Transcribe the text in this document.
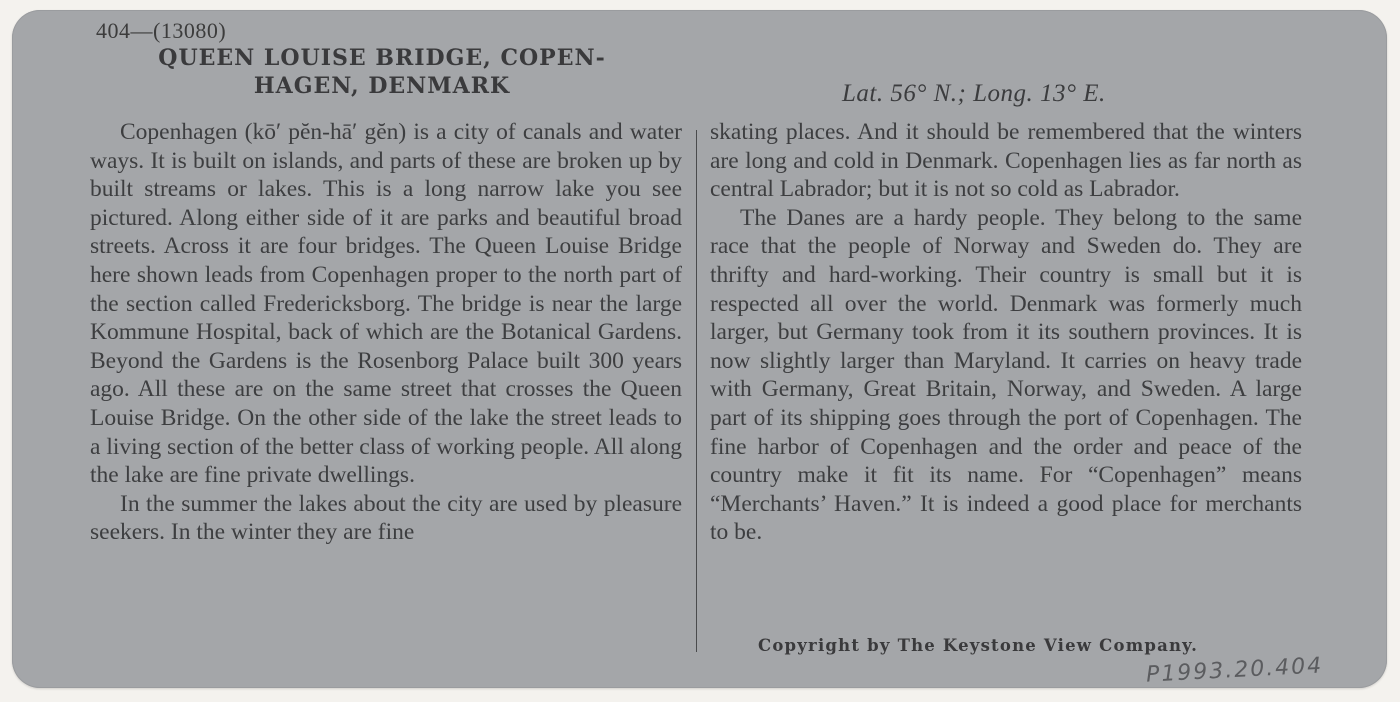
404—(13080)
QUEEN LOUISE BRIDGE, COPEN-
HAGEN, DENMARK	Lat. 56° N.; Long. 13° E.

Copenhagen (kō′ pĕn-hā′ gĕn) is a city of canals and water ways. It is built on islands, and parts of these are broken up by built streams or lakes. This is a long narrow lake you see pictured. Along either side of it are parks and beautiful broad streets. Across it are four bridges. The Queen Louise Bridge here shown leads from Copenhagen proper to the north part of the section called Fredericksborg. The bridge is near the large Kommune Hospital, back of which are the Botanical Gardens. Beyond the Gardens is the Rosenborg Palace built 300 years ago. All these are on the same street that crosses the Queen Louise Bridge. On the other side of the lake the street leads to a living section of the better class of working people. All along the lake are fine private dwellings.

In the summer the lakes about the city are used by pleasure seekers. In the winter they are fine

skating places. And it should be remembered that the winters are long and cold in Denmark. Copenhagen lies as far north as central Labrador; but it is not so cold as Labrador.

The Danes are a hardy people. They belong to the same race that the people of Norway and Sweden do. They are thrifty and hard-working. Their country is small but it is respected all over the world. Denmark was formerly much larger, but Germany took from it its southern provinces. It is now slightly larger than Maryland. It carries on heavy trade with Germany, Great Britain, Norway, and Sweden. A large part of its shipping goes through the port of Copenhagen. The fine harbor of Copenhagen and the order and peace of the country make it fit its name. For “Copenhagen” means “Merchants’ Haven.” It is indeed a good place for merchants to be.

Copyright by The Keystone View Company.
P1993.20.404
